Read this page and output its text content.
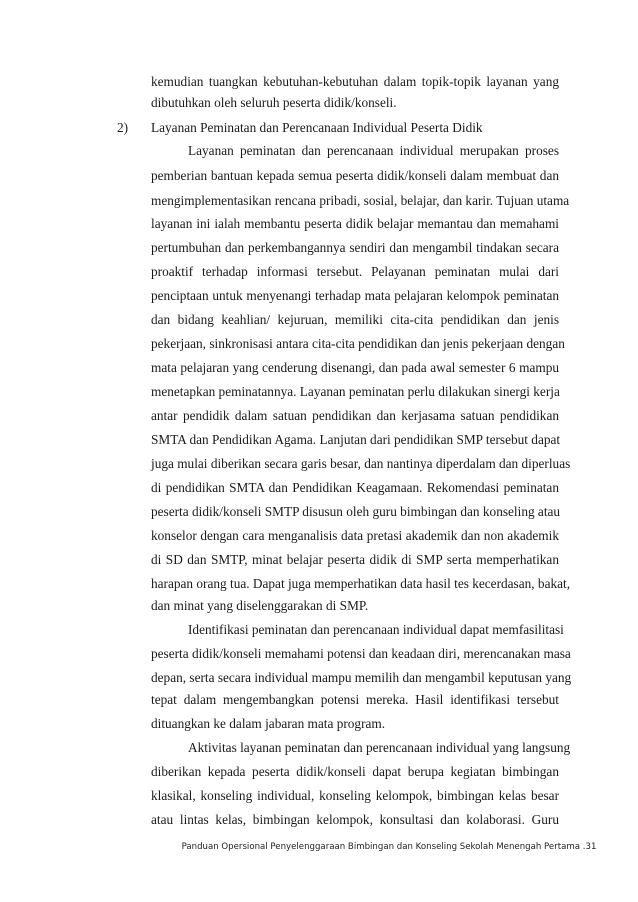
kemudian tuangkan kebutuhan-kebutuhan dalam topik-topik layanan yang
dibutuhkan oleh seluruh peserta didik/konseli.
2) Layanan Peminatan dan Perencanaan Individual Peserta Didik
Layanan peminatan dan perencanaan individual merupakan proses
pemberian bantuan kepada semua peserta didik/konseli dalam membuat dan
mengimplementasikan rencana pribadi, sosial, belajar, dan karir. Tujuan utama
layanan ini ialah membantu peserta didik belajar memantau dan memahami
pertumbuhan dan perkembangannya sendiri dan mengambil tindakan secara
proaktif terhadap informasi tersebut. Pelayanan peminatan mulai dari
penciptaan untuk menyenangi terhadap mata pelajaran kelompok peminatan
dan bidang keahlian/ kejuruan, memiliki cita-cita pendidikan dan jenis
pekerjaan, sinkronisasi antara cita-cita pendidikan dan jenis pekerjaan dengan
mata pelajaran yang cenderung disenangi, dan pada awal semester 6 mampu
menetapkan peminatannya. Layanan peminatan perlu dilakukan sinergi kerja
antar pendidik dalam satuan pendidikan dan kerjasama satuan pendidikan
SMTA dan Pendidikan Agama. Lanjutan dari pendidikan SMP tersebut dapat
juga mulai diberikan secara garis besar, dan nantinya diperdalam dan diperluas
di pendidikan SMTA dan Pendidikan Keagamaan. Rekomendasi peminatan
peserta didik/konseli SMTP disusun oleh guru bimbingan dan konseling atau
konselor dengan cara menganalisis data pretasi akademik dan non akademik
di SD dan SMTP, minat belajar peserta didik di SMP serta memperhatikan
harapan orang tua. Dapat juga memperhatikan data hasil tes kecerdasan, bakat,
dan minat yang diselenggarakan di SMP.
Identifikasi peminatan dan perencanaan individual dapat memfasilitasi
peserta didik/konseli memahami potensi dan keadaan diri, merencanakan masa
depan, serta secara individual mampu memilih dan mengambil keputusan yang
tepat dalam mengembangkan potensi mereka. Hasil identifikasi tersebut
dituangkan ke dalam jabaran mata program.
Aktivitas layanan peminatan dan perencanaan individual yang langsung
diberikan kepada peserta didik/konseli dapat berupa kegiatan bimbingan
klasikal, konseling individual, konseling kelompok, bimbingan kelas besar
atau lintas kelas, bimbingan kelompok, konsultasi dan kolaborasi. Guru
Panduan Opersional Penyelenggaraan Bimbingan dan Konseling Sekolah Menengah Pertama .31
